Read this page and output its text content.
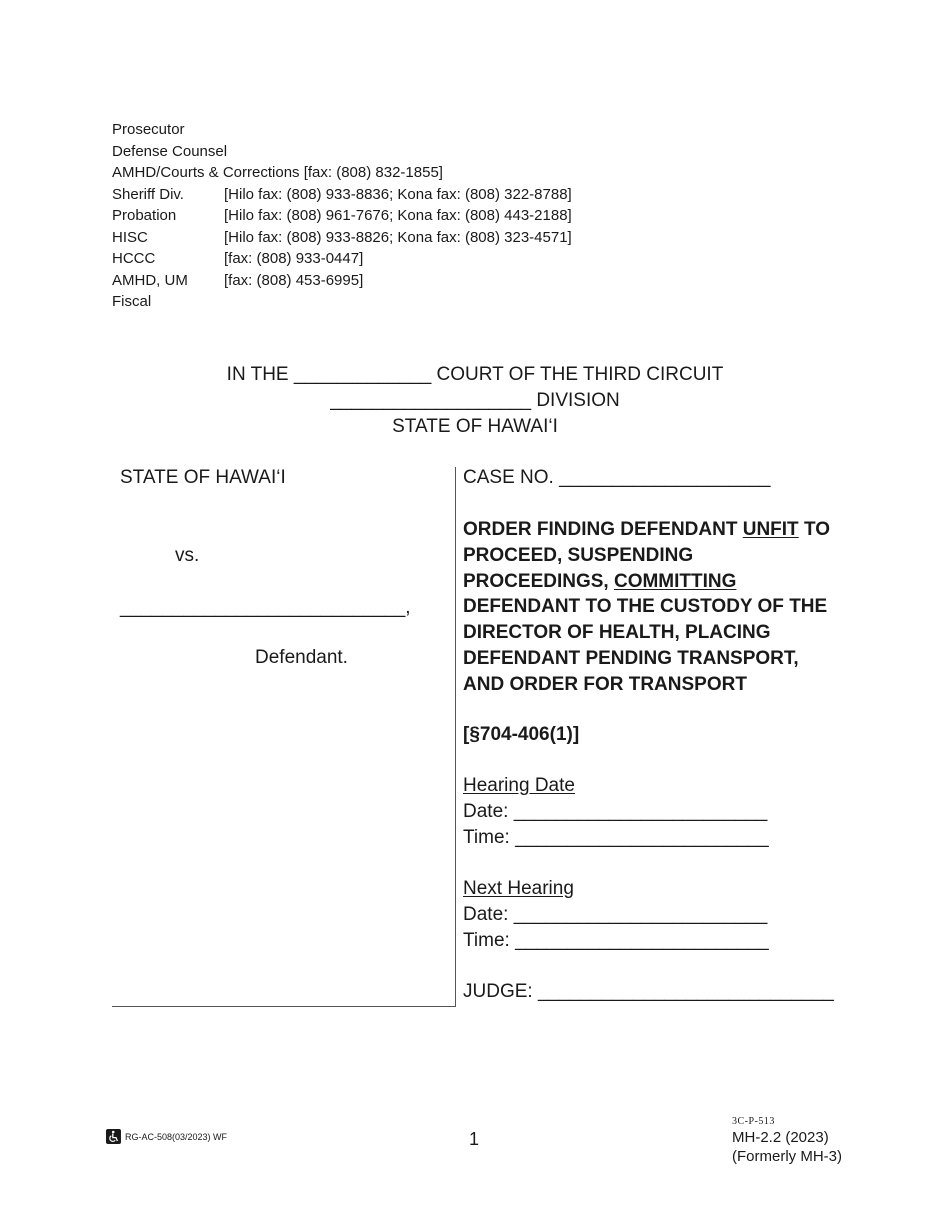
Prosecutor
Defense Counsel
AMHD/Courts & Corrections [fax: (808) 832-1855]
Sheriff Div.	[Hilo fax: (808) 933-8836; Kona fax: (808) 322-8788]
Probation	[Hilo fax: (808) 961-7676; Kona fax: (808) 443-2188]
HISC	[Hilo fax: (808) 933-8826; Kona fax: (808) 323-4571]
HCCC	[fax: (808) 933-0447]
AMHD, UM [fax: (808) 453-6995]
Fiscal
IN THE _____________ COURT OF THE THIRD CIRCUIT
___________________ DIVISION
STATE OF HAWAI‘I
STATE OF HAWAI‘I
vs.
___________________________,
Defendant.
CASE NO. ____________________
ORDER FINDING DEFENDANT UNFIT TO PROCEED, SUSPENDING PROCEEDINGS, COMMITTING DEFENDANT TO THE CUSTODY OF THE DIRECTOR OF HEALTH, PLACING DEFENDANT PENDING TRANSPORT, AND ORDER FOR TRANSPORT
[§704-406(1)]
Hearing Date
Date: ________________________
Time: ________________________
Next Hearing
Date: ________________________
Time: ________________________
JUDGE: ____________________________
RG-AC-508(03/2023) WF	1
3C-P-513
MH-2.2 (2023)
(Formerly MH-3)
